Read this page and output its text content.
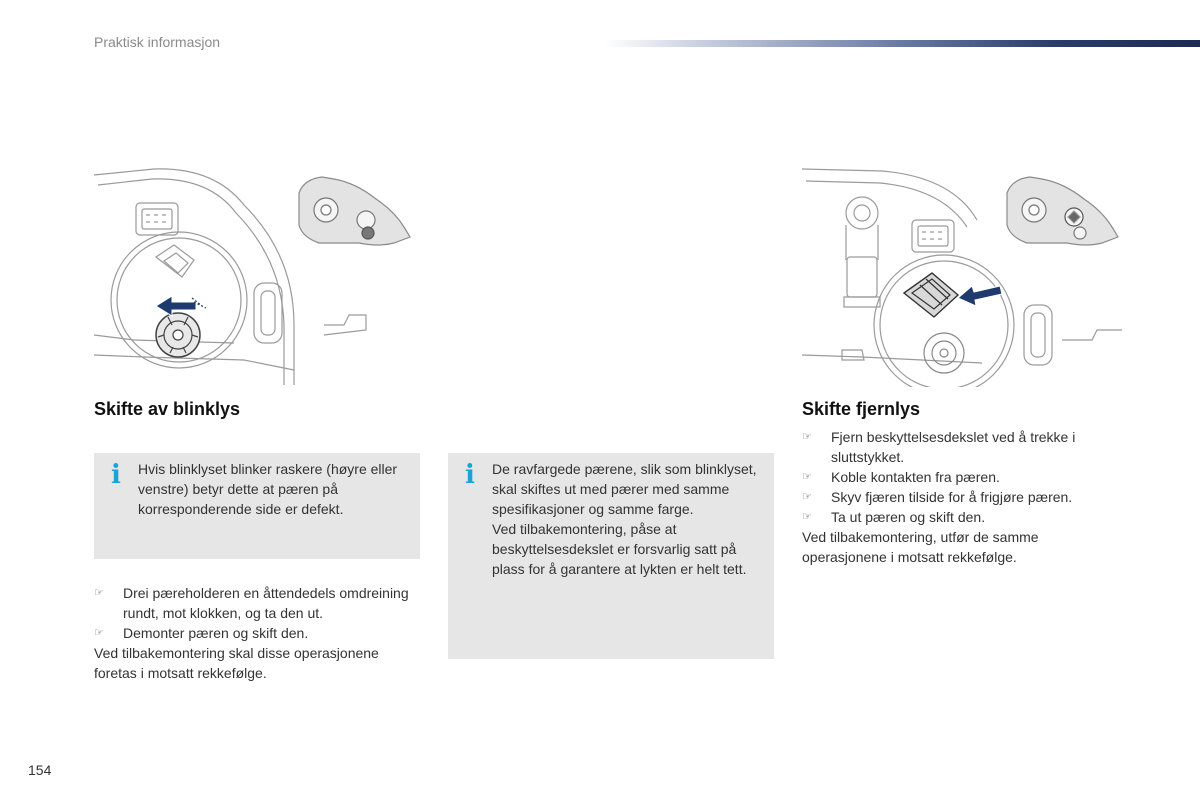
Praktisk informasjon
Skifte av blinklys
i Hvis blinklyset blinker raskere (høyre eller venstre) betyr dette at pæren på korresponderende side er defekt.

☞ Drei pæreholderen en åttendedels omdreining rundt, mot klokken, og ta den ut.
☞ Demonter pæren og skift den.
Ved tilbakemontering skal disse operasjonene foretas i motsatt rekkefølge.
i De ravfargede pærene, slik som blinklyset, skal skiftes ut med pærer med samme spesifikasjoner og samme farge.

Ved tilbakemontering, påse at beskyttelsesdekslet er forsvarlig satt på plass for å garantere at lykten er helt tett.

Skifte fjernlys
☞ Fjern beskyttelsesdekslet ved å trekke i sluttstykket.
☞ Koble kontakten fra pæren.
☞ Skyv fjæren tilside for å frigjøre pæren.
☞ Ta ut pæren og skift den.
Ved tilbakemontering, utfør de samme operasjonene i motsatt rekkefølge.
154
